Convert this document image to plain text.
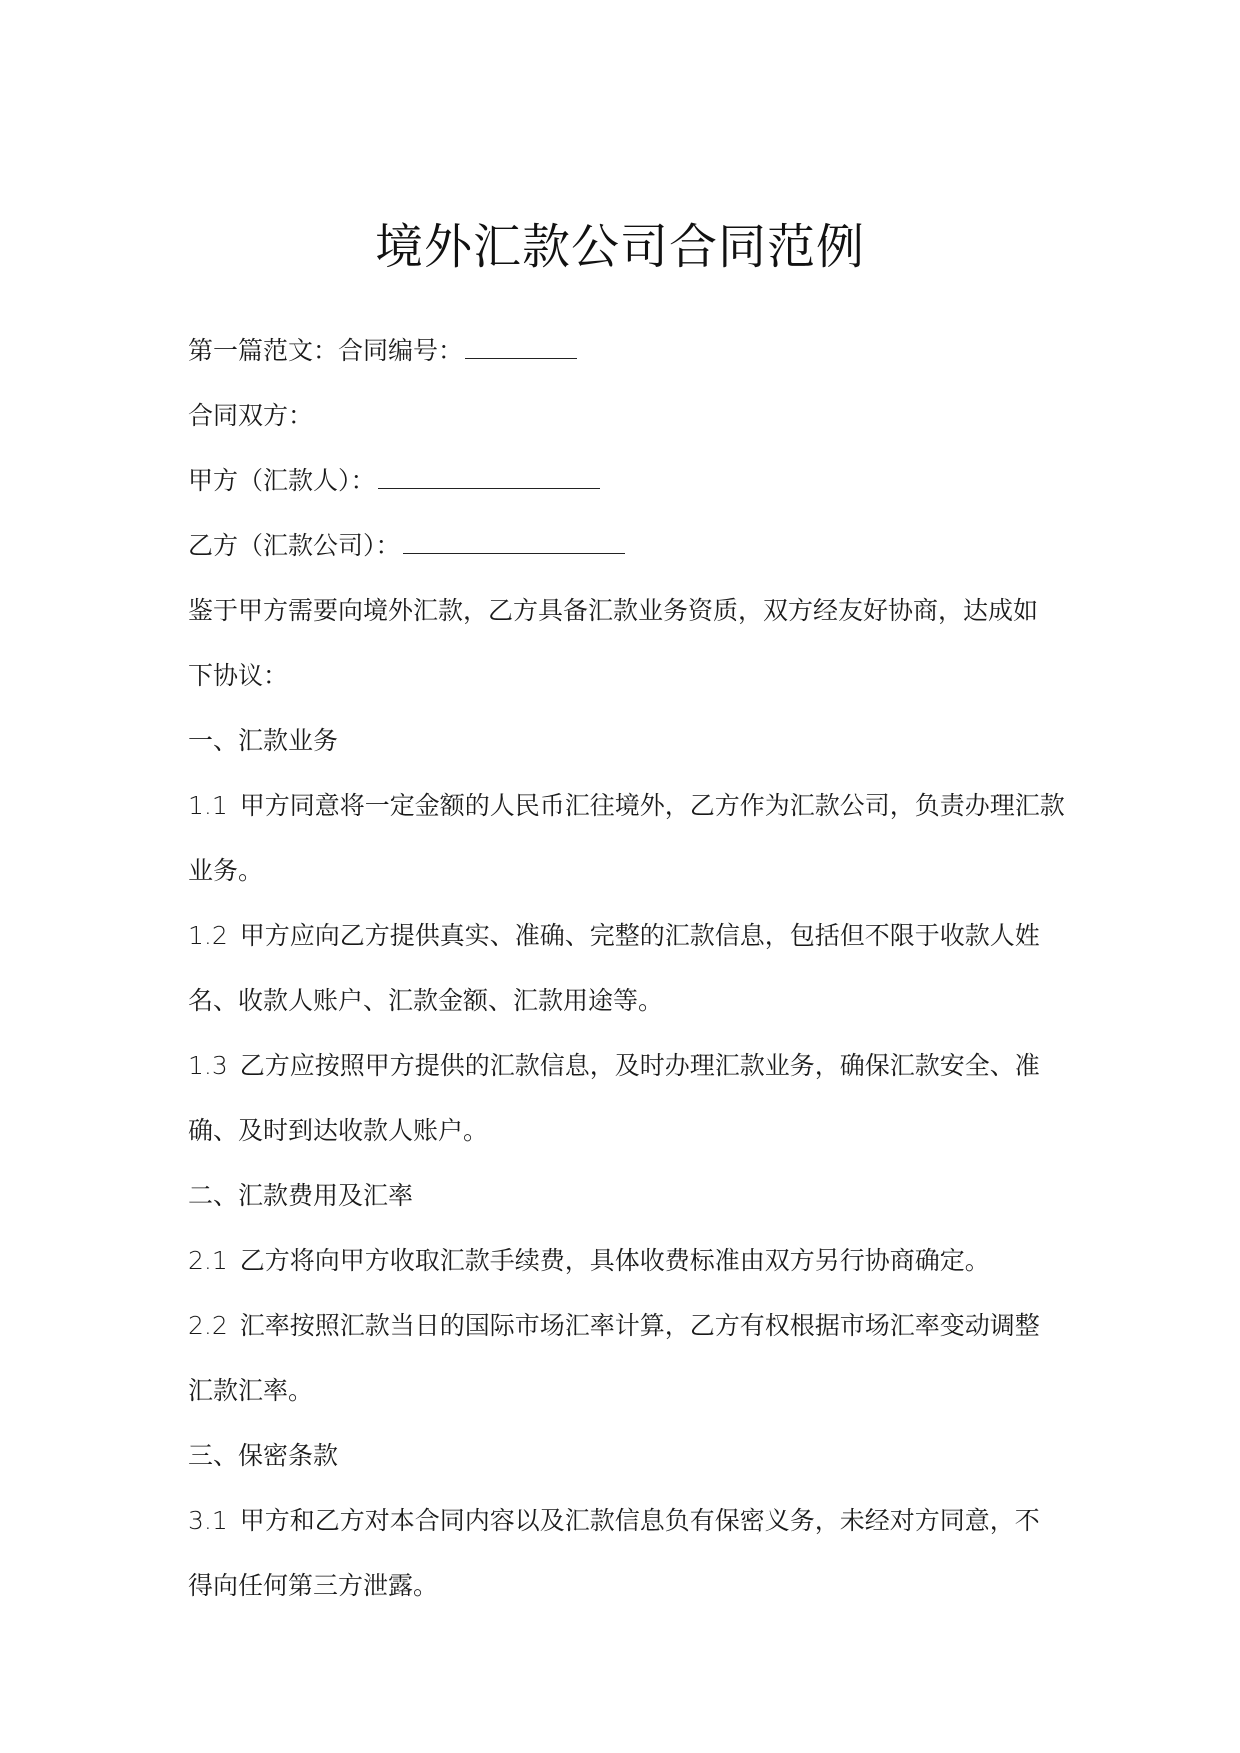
境外汇款公司合同范例
第一篇范文：合同编号：
合同双方：
甲方（汇款人）：
乙方（汇款公司）：
鉴于甲方需要向境外汇款，乙方具备汇款业务资质，双方经友好协商，达成如
下协议：
一、汇款业务
1.1 甲方同意将一定金额的人民币汇往境外，乙方作为汇款公司，负责办理汇款
业务。
1.2 甲方应向乙方提供真实、准确、完整的汇款信息，包括但不限于收款人姓
名、收款人账户、汇款金额、汇款用途等。
1.3 乙方应按照甲方提供的汇款信息，及时办理汇款业务，确保汇款安全、准
确、及时到达收款人账户。
二、汇款费用及汇率
2.1 乙方将向甲方收取汇款手续费，具体收费标准由双方另行协商确定。
2.2 汇率按照汇款当日的国际市场汇率计算，乙方有权根据市场汇率变动调整
汇款汇率。
三、保密条款
3.1 甲方和乙方对本合同内容以及汇款信息负有保密义务，未经对方同意，不
得向任何第三方泄露。
